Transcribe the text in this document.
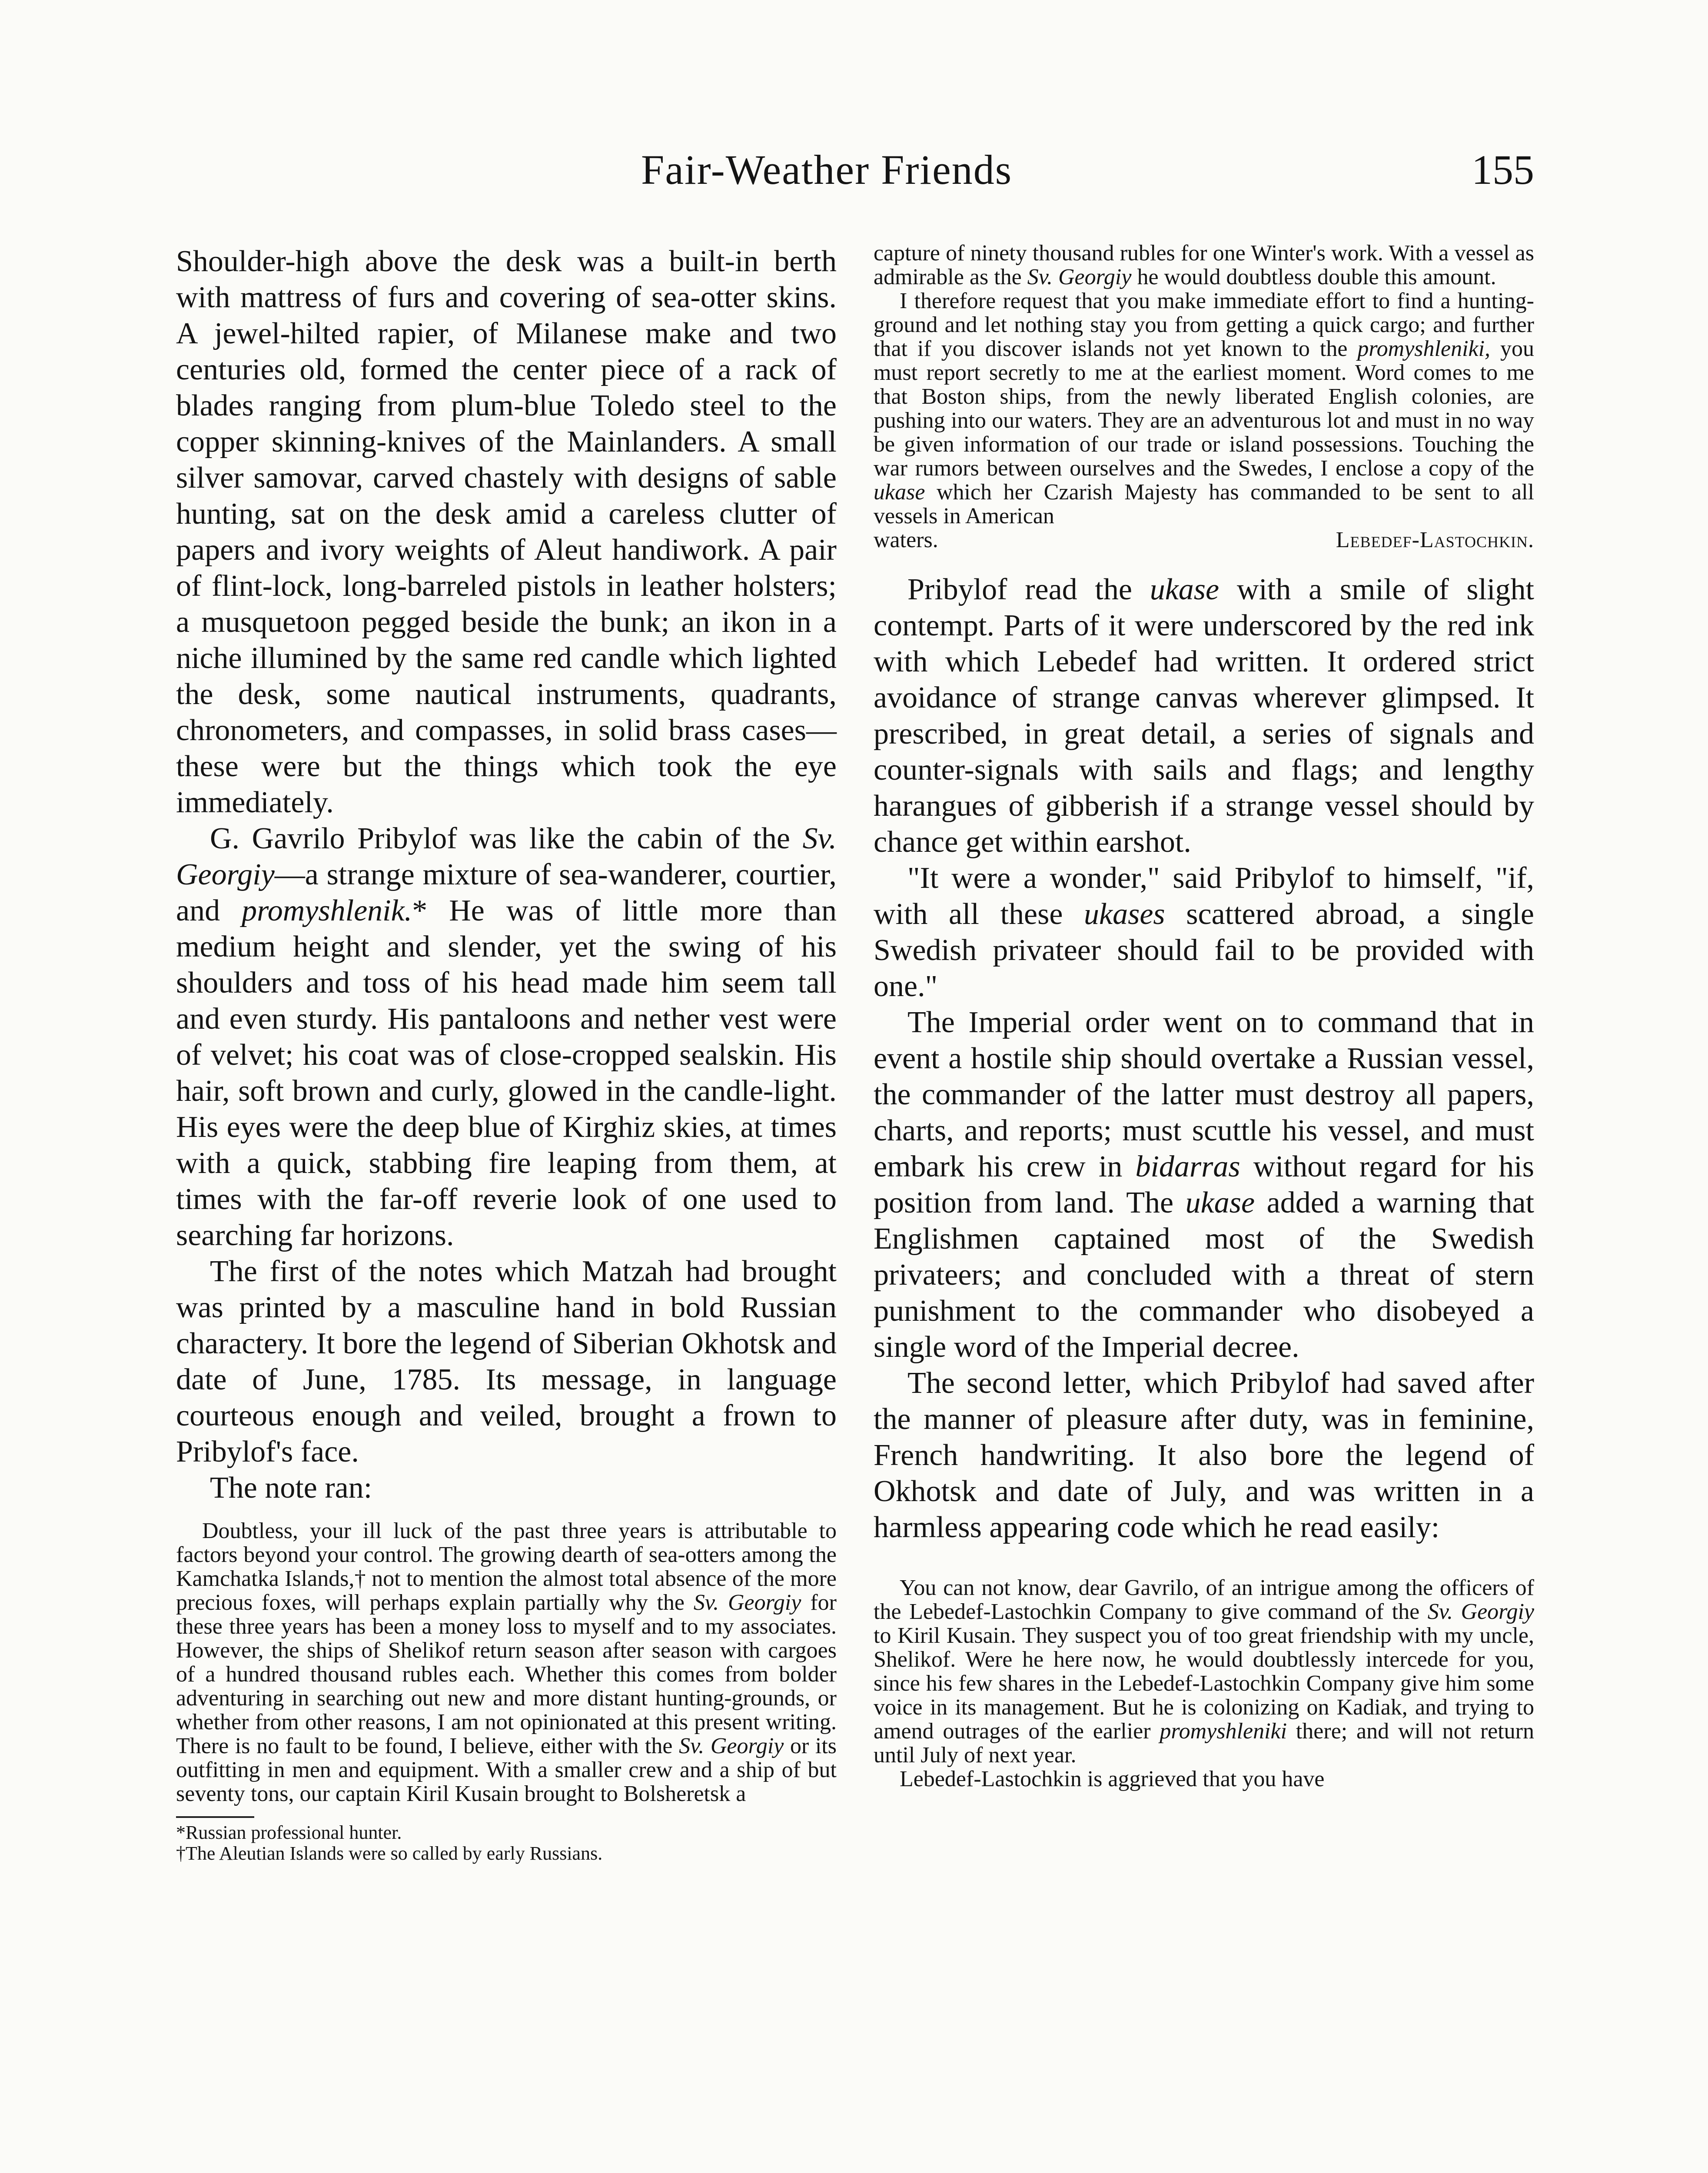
Fair-Weather Friends	155

Shoulder-high above the desk was a built-in berth with mattress of furs and covering of sea-otter skins. A jewel-hilted rapier, of Milanese make and two centuries old, formed the center piece of a rack of blades ranging from plum-blue Toledo steel to the copper skinning-knives of the Mainlanders. A small silver samovar, carved chastely with designs of sable hunting, sat on the desk amid a careless clutter of papers and ivory weights of Aleut handiwork. A pair of flint-lock, long-barreled pistols in leather holsters; a musquetoon pegged beside the bunk; an ikon in a niche illumined by the same red candle which lighted the desk, some nautical instruments, quadrants, chronometers, and compasses, in solid brass cases—these were but the things which took the eye immediately.

G. Gavrilo Pribylof was like the cabin of the Sv. Georgiy—a strange mixture of sea-wanderer, courtier, and promyshlenik.* He was of little more than medium height and slender, yet the swing of his shoulders and toss of his head made him seem tall and even sturdy. His pantaloons and nether vest were of velvet; his coat was of close-cropped sealskin. His hair, soft brown and curly, glowed in the candle-light. His eyes were the deep blue of Kirghiz skies, at times with a quick, stabbing fire leaping from them, at times with the far-off reverie look of one used to searching far horizons.

The first of the notes which Matzah had brought was printed by a masculine hand in bold Russian charactery. It bore the legend of Siberian Okhotsk and date of June, 1785. Its message, in language courteous enough and veiled, brought a frown to Pribylof's face.

The note ran:

Doubtless, your ill luck of the past three years is attributable to factors beyond your control. The growing dearth of sea-otters among the Kamchatka Islands,† not to mention the almost total absence of the more precious foxes, will perhaps explain partially why the Sv. Georgiy for these three years has been a money loss to myself and to my associates. However, the ships of Shelikof return season after season with cargoes of a hundred thousand rubles each. Whether this comes from bolder adventuring in searching out new and more distant hunting-grounds, or whether from other reasons, I am not opinionated at this present writing. There is no fault to be found, I believe, either with the Sv. Georgiy or its outfitting in men and equipment. With a smaller crew and a ship of but seventy tons, our captain Kiril Kusain brought to Bolsheretsk a

*Russian professional hunter.
†The Aleutian Islands were so called by early Russians.

capture of ninety thousand rubles for one Winter's work. With a vessel as admirable as the Sv. Georgiy he would doubtless double this amount.

I therefore request that you make immediate effort to find a hunting-ground and let nothing stay you from getting a quick cargo; and further that if you discover islands not yet known to the promyshleniki, you must report secretly to me at the earliest moment. Word comes to me that Boston ships, from the newly liberated English colonies, are pushing into our waters. They are an adventurous lot and must in no way be given information of our trade or island possessions. Touching the war rumors between ourselves and the Swedes, I enclose a copy of the ukase which her Czarish Majesty has commanded to be sent to all vessels in American

waters.	Lebedef-Lastochkin.

Pribylof read the ukase with a smile of slight contempt. Parts of it were underscored by the red ink with which Lebedef had written. It ordered strict avoidance of strange canvas wherever glimpsed. It prescribed, in great detail, a series of signals and counter-signals with sails and flags; and lengthy harangues of gibberish if a strange vessel should by chance get within earshot.

"It were a wonder," said Pribylof to himself, "if, with all these ukases scattered abroad, a single Swedish privateer should fail to be provided with one."

The Imperial order went on to command that in event a hostile ship should overtake a Russian vessel, the commander of the latter must destroy all papers, charts, and reports; must scuttle his vessel, and must embark his crew in bidarras without regard for his position from land. The ukase added a warning that Englishmen captained most of the Swedish privateers; and concluded with a threat of stern punishment to the commander who disobeyed a single word of the Imperial decree.

The second letter, which Pribylof had saved after the manner of pleasure after duty, was in feminine, French handwriting. It also bore the legend of Okhotsk and date of July, and was written in a harmless appearing code which he read easily:

You can not know, dear Gavrilo, of an intrigue among the officers of the Lebedef-Lastochkin Company to give command of the Sv. Georgiy to Kiril Kusain. They suspect you of too great friendship with my uncle, Shelikof. Were he here now, he would doubtlessly intercede for you, since his few shares in the Lebedef-Lastochkin Company give him some voice in its management. But he is colonizing on Kadiak, and trying to amend outrages of the earlier promyshleniki there; and will not return until July of next year.

Lebedef-Lastochkin is aggrieved that you have
